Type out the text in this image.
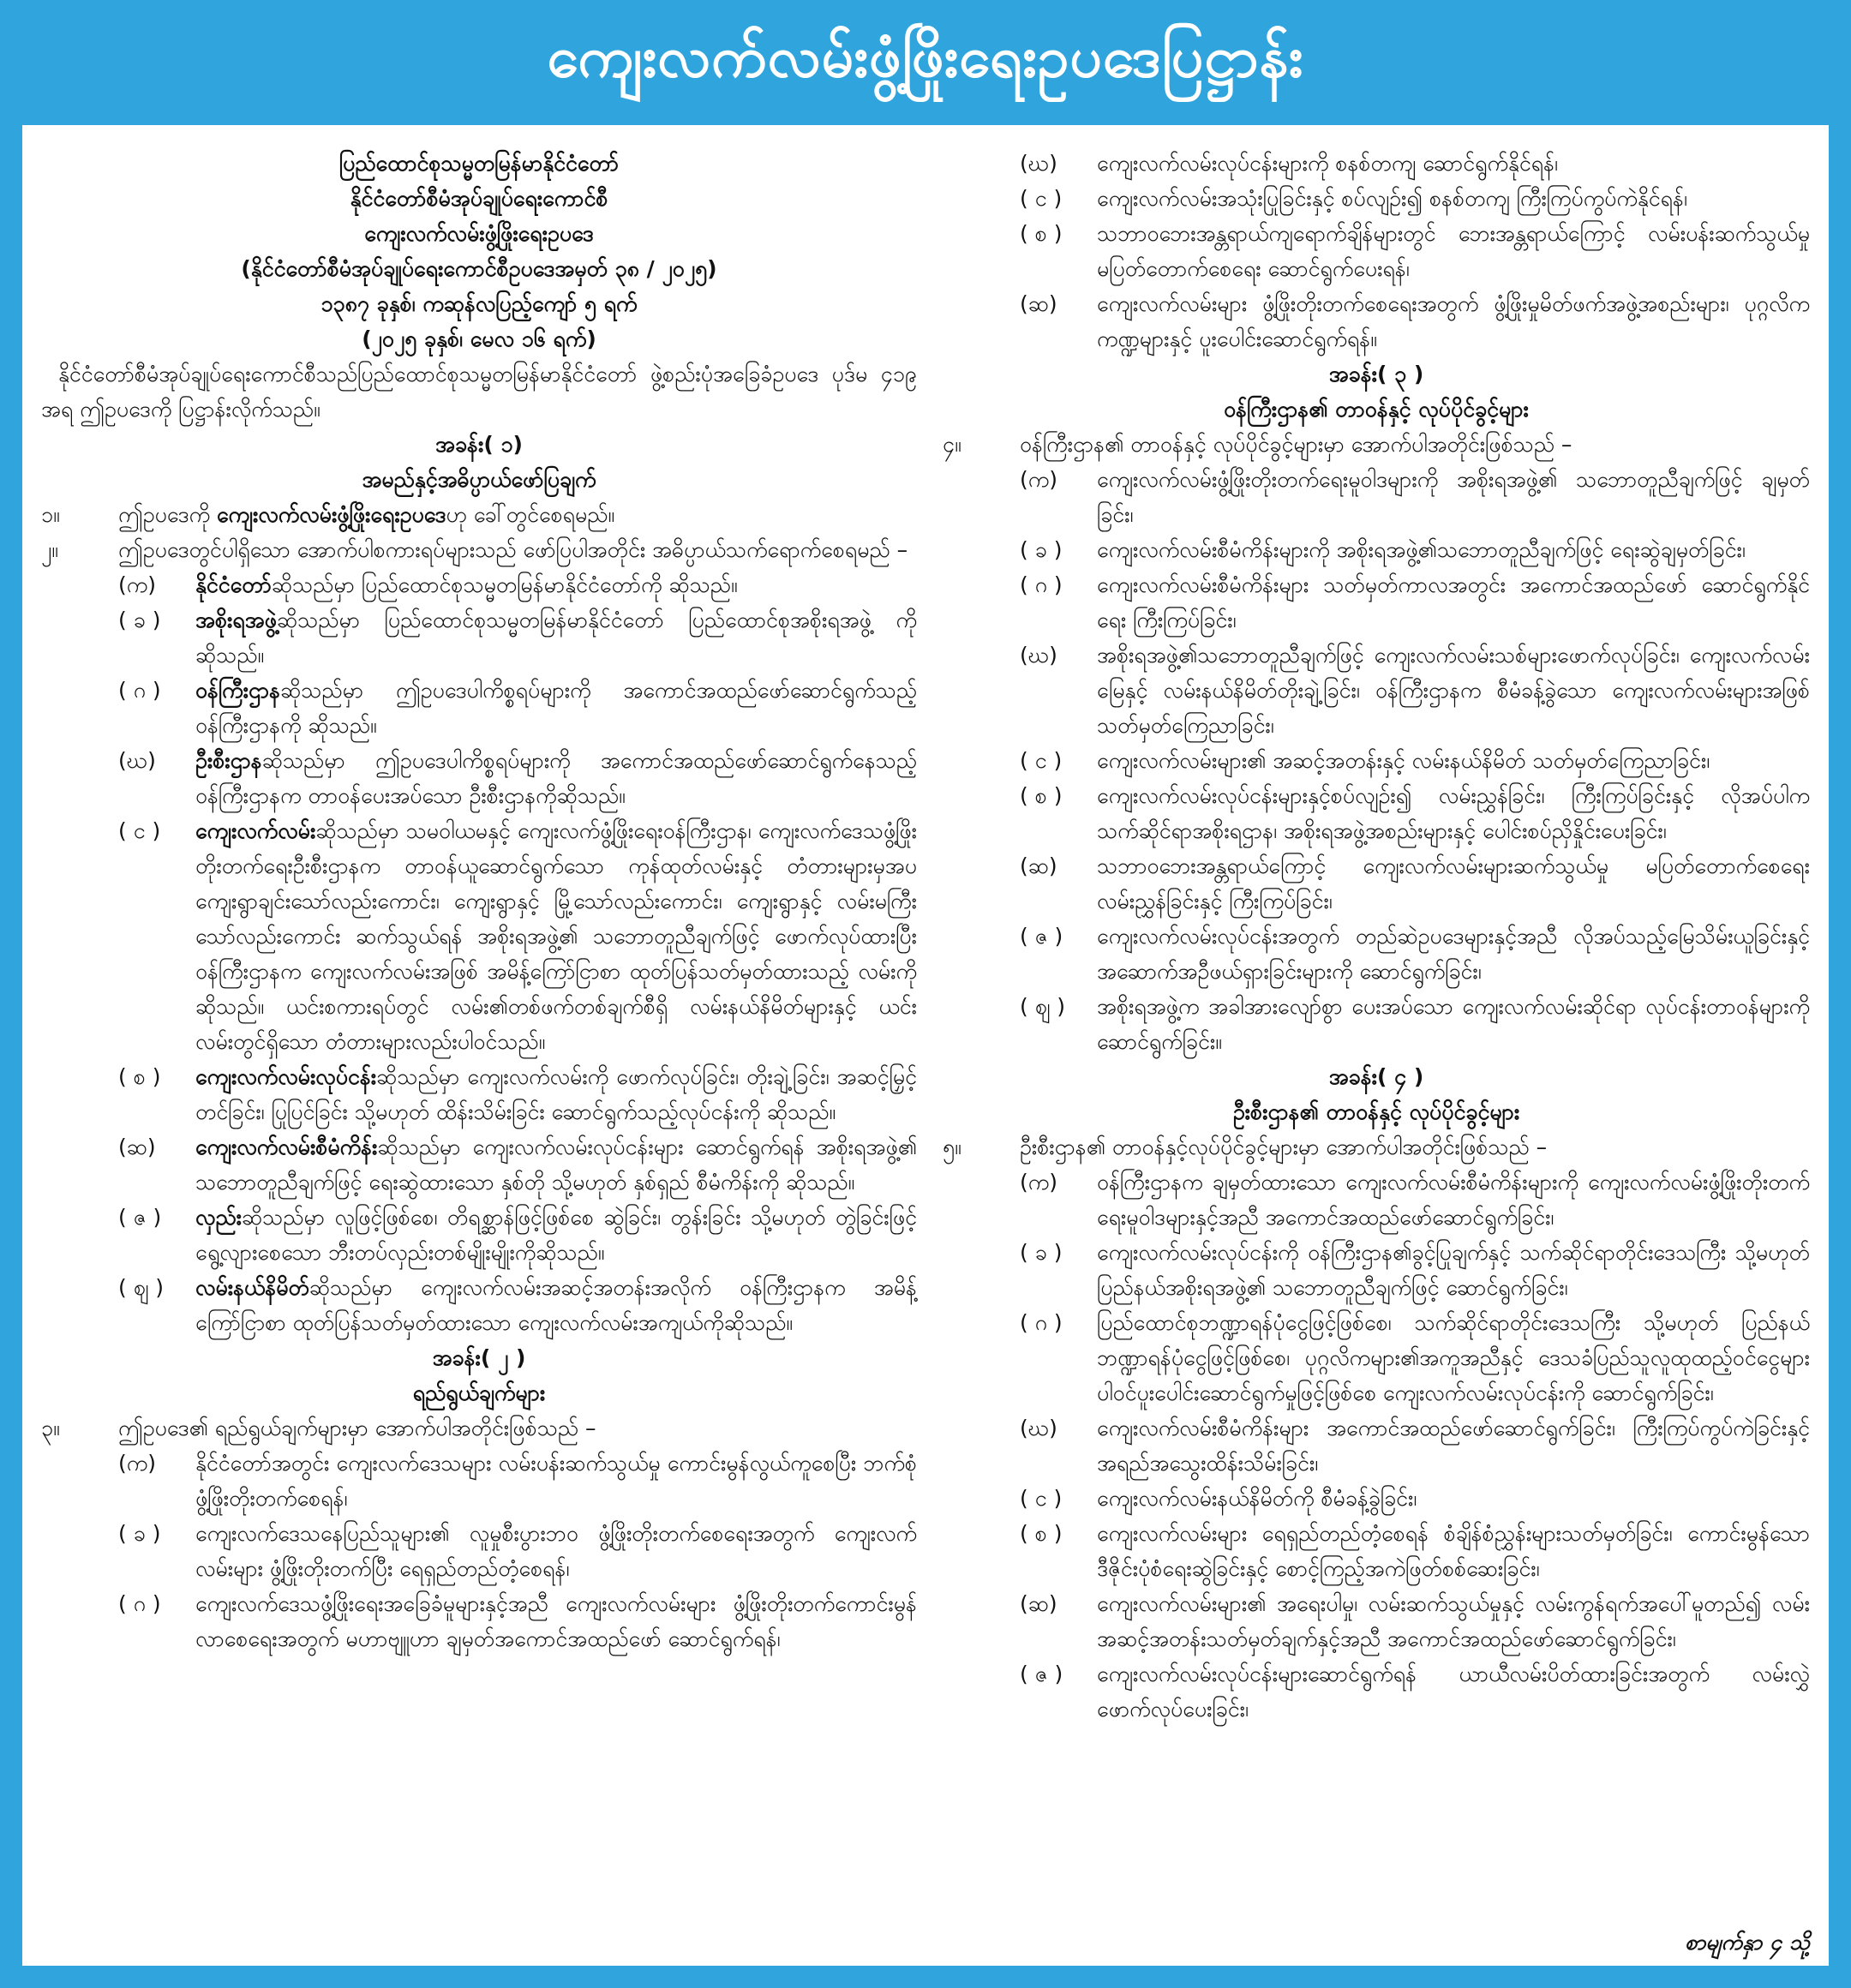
ကျေးလက်လမ်းဖွံ့ဖြိုးရေးဥပဒေပြဋ္ဌာန်း
ပြည်ထောင်စုသမ္မတမြန်မာနိုင်ငံတော်
နိုင်ငံတော်စီမံအုပ်ချုပ်ရေးကောင်စီ
ကျေးလက်လမ်းဖွံ့ဖြိုးရေးဥပဒေ
(နိုင်ငံတော်စီမံအုပ်ချုပ်ရေးကောင်စီဥပဒေအမှတ် ၃၈ / ၂၀၂၅)
၁၃၈၇ ခုနှစ်၊ ကဆုန်လပြည့်ကျော် ၅ ရက်
(၂၀၂၅ ခုနှစ်၊ မေလ ၁၆ ရက်)
နိုင်ငံတော်စီမံအုပ်ချုပ်ရေးကောင်စီသည်ပြည်ထောင်စုသမ္မတမြန်မာနိုင်ငံတော် ဖွဲ့စည်းပုံအခြေခံဥပဒေ ပုဒ်မ ၄၁၉ အရ ဤဥပဒေကို ပြဋ္ဌာန်းလိုက်သည်။
အခန်း( ၁)
အမည်နှင့်အဓိပ္ပာယ်ဖော်ပြချက်
၁။	ဤဥပဒေကို ကျေးလက်လမ်းဖွံ့ဖြိုးရေးဥပဒေဟု ခေါ်တွင်စေရမည်။
၂။	ဤဥပဒေတွင်ပါရှိသော အောက်ပါစကားရပ်များသည် ဖော်ပြပါအတိုင်း အဓိပ္ပာယ်သက်ရောက်စေရမည် –
(က)	နိုင်ငံတော်ဆိုသည်မှာ ပြည်ထောင်စုသမ္မတမြန်မာနိုင်ငံတော်ကို ဆိုသည်။
( ခ )	အစိုးရအဖွဲ့ဆိုသည်မှာ ပြည်ထောင်စုသမ္မတမြန်မာနိုင်ငံတော် ပြည်ထောင်စုအစိုးရအဖွဲ့ ကို ဆိုသည်။
( ဂ )	ဝန်ကြီးဌာနဆိုသည်မှာ ဤဥပဒေပါကိစ္စရပ်များကို အကောင်အထည်ဖော်ဆောင်ရွက်သည့် ဝန်ကြီးဌာနကို ဆိုသည်။
(ဃ)	ဦးစီးဌာနဆိုသည်မှာ ဤဥပဒေပါကိစ္စရပ်များကို အကောင်အထည်ဖော်ဆောင်ရွက်နေသည့် ဝန်ကြီးဌာနက တာဝန်ပေးအပ်သော ဦးစီးဌာနကိုဆိုသည်။
( င )	ကျေးလက်လမ်းဆိုသည်မှာ သမဝါယမနှင့် ကျေးလက်ဖွံ့ဖြိုးရေးဝန်ကြီးဌာန၊ ကျေးလက်ဒေသဖွံ့ဖြိုးတိုးတက်ရေးဦးစီးဌာနက တာဝန်ယူဆောင်ရွက်သော ကုန်ထုတ်လမ်းနှင့် တံတားများမှအပ ကျေးရွာချင်းသော်လည်းကောင်း၊ ကျေးရွာနှင့် မြို့သော်လည်းကောင်း၊ ကျေးရွာနှင့် လမ်းမကြီးသော်လည်းကောင်း ဆက်သွယ်ရန် အစိုးရအဖွဲ့၏ သဘောတူညီချက်ဖြင့် ဖောက်လုပ်ထားပြီး ဝန်ကြီးဌာနက ကျေးလက်လမ်းအဖြစ် အမိန့်ကြော်ငြာစာ ထုတ်ပြန်သတ်မှတ်ထားသည့် လမ်းကိုဆိုသည်။ ယင်းစကားရပ်တွင် လမ်း၏တစ်ဖက်တစ်ချက်စီရှိ လမ်းနယ်နိမိတ်များနှင့် ယင်းလမ်းတွင်ရှိသော တံတားများလည်းပါဝင်သည်။
( စ )	ကျေးလက်လမ်းလုပ်ငန်းဆိုသည်မှာ ကျေးလက်လမ်းကို ဖောက်လုပ်ခြင်း၊ တိုးချဲ့ခြင်း၊ အဆင့်မြှင့်တင်ခြင်း၊ ပြုပြင်ခြင်း သို့မဟုတ် ထိန်းသိမ်းခြင်း ဆောင်ရွက်သည့်လုပ်ငန်းကို ဆိုသည်။
(ဆ)	ကျေးလက်လမ်းစီမံကိန်းဆိုသည်မှာ ကျေးလက်လမ်းလုပ်ငန်းများ ဆောင်ရွက်ရန် အစိုးရအဖွဲ့၏ သဘောတူညီချက်ဖြင့် ရေးဆွဲထားသော နှစ်တို သို့မဟုတ် နှစ်ရှည် စီမံကိန်းကို ဆိုသည်။
( ဇ )	လှည်းဆိုသည်မှာ လူဖြင့်ဖြစ်စေ၊ တိရစ္ဆာန်ဖြင့်ဖြစ်စေ ဆွဲခြင်း၊ တွန်းခြင်း သို့မဟုတ် တွဲခြင်းဖြင့် ရွေ့လျားစေသော ဘီးတပ်လှည်းတစ်မျိုးမျိုးကိုဆိုသည်။
( ဈ )	လမ်းနယ်နိမိတ်ဆိုသည်မှာ ကျေးလက်လမ်းအဆင့်အတန်းအလိုက် ဝန်ကြီးဌာနက အမိန့်ကြော်ငြာစာ ထုတ်ပြန်သတ်မှတ်ထားသော ကျေးလက်လမ်းအကျယ်ကိုဆိုသည်။
အခန်း( ၂ )
ရည်ရွယ်ချက်များ
၃။	ဤဥပဒေ၏ ရည်ရွယ်ချက်များမှာ အောက်ပါအတိုင်းဖြစ်သည် –
(က)	နိုင်ငံတော်အတွင်း ကျေးလက်ဒေသများ လမ်းပန်းဆက်သွယ်မှု ကောင်းမွန်လွယ်ကူစေပြီး ဘက်စုံဖွံ့ဖြိုးတိုးတက်စေရန်၊
( ခ )	ကျေးလက်ဒေသနေပြည်သူများ၏ လူမှုစီးပွားဘဝ ဖွံ့ဖြိုးတိုးတက်စေရေးအတွက် ကျေးလက်လမ်းများ ဖွံ့ဖြိုးတိုးတက်ပြီး ရေရှည်တည်တံ့စေရန်၊
( ဂ )	ကျေးလက်ဒေသဖွံ့ဖြိုးရေးအခြေခံမူများနှင့်အညီ ကျေးလက်လမ်းများ ဖွံ့ဖြိုးတိုးတက်ကောင်းမွန်လာစေရေးအတွက် မဟာဗျူဟာ ချမှတ်အကောင်အထည်ဖော် ဆောင်ရွက်ရန်၊
(ဃ)	ကျေးလက်လမ်းလုပ်ငန်းများကို စနစ်တကျ ဆောင်ရွက်နိုင်ရန်၊
( င )	ကျေးလက်လမ်းအသုံးပြုခြင်းနှင့် စပ်လျဉ်း၍ စနစ်တကျ ကြီးကြပ်ကွပ်ကဲနိုင်ရန်၊
( စ )	သဘာဝဘေးအန္တရာယ်ကျရောက်ချိန်များတွင် ဘေးအန္တရာယ်ကြောင့် လမ်းပန်းဆက်သွယ်မှု မပြတ်တောက်စေရေး ဆောင်ရွက်ပေးရန်၊
(ဆ)	ကျေးလက်လမ်းများ ဖွံ့ဖြိုးတိုးတက်စေရေးအတွက် ဖွံ့ဖြိုးမှုမိတ်ဖက်အဖွဲ့အစည်းများ၊ ပုဂ္ဂလိကကဏ္ဍများနှင့် ပူးပေါင်းဆောင်ရွက်ရန်။
အခန်း( ၃ )
ဝန်ကြီးဌာန၏ တာဝန်နှင့် လုပ်ပိုင်ခွင့်များ
၄။	ဝန်ကြီးဌာန၏ တာဝန်နှင့် လုပ်ပိုင်ခွင့်များမှာ အောက်ပါအတိုင်းဖြစ်သည် –
(က)	ကျေးလက်လမ်းဖွံ့ဖြိုးတိုးတက်ရေးမူဝါဒများကို အစိုးရအဖွဲ့၏ သဘောတူညီချက်ဖြင့် ချမှတ်ခြင်း၊
( ခ )	ကျေးလက်လမ်းစီမံကိန်းများကို အစိုးရအဖွဲ့၏သဘောတူညီချက်ဖြင့် ရေးဆွဲချမှတ်ခြင်း၊
( ဂ )	ကျေးလက်လမ်းစီမံကိန်းများ သတ်မှတ်ကာလအတွင်း အကောင်အထည်ဖော် ဆောင်ရွက်နိုင်ရေး ကြီးကြပ်ခြင်း၊
(ဃ)	အစိုးရအဖွဲ့၏သဘောတူညီချက်ဖြင့် ကျေးလက်လမ်းသစ်များဖောက်လုပ်ခြင်း၊ ကျေးလက်လမ်းမြေနှင့် လမ်းနယ်နိမိတ်တိုးချဲ့ခြင်း၊ ဝန်ကြီးဌာနက စီမံခန့်ခွဲသော ကျေးလက်လမ်းများအဖြစ် သတ်မှတ်ကြေညာခြင်း၊
( င )	ကျေးလက်လမ်းများ၏ အဆင့်အတန်းနှင့် လမ်းနယ်နိမိတ် သတ်မှတ်ကြေညာခြင်း၊
( စ )	ကျေးလက်လမ်းလုပ်ငန်းများနှင့်စပ်လျဉ်း၍ လမ်းညွှန်ခြင်း၊ ကြီးကြပ်ခြင်းနှင့် လိုအပ်ပါက သက်ဆိုင်ရာအစိုးရဌာန၊ အစိုးရအဖွဲ့အစည်းများနှင့် ပေါင်းစပ်ညှိနှိုင်းပေးခြင်း၊
(ဆ)	သဘာဝဘေးအန္တရာယ်ကြောင့် ကျေးလက်လမ်းများဆက်သွယ်မှု မပြတ်တောက်စေရေး လမ်းညွှန်ခြင်းနှင့် ကြီးကြပ်ခြင်း၊
( ဇ )	ကျေးလက်လမ်းလုပ်ငန်းအတွက် တည်ဆဲဥပဒေများနှင့်အညီ လိုအပ်သည့်မြေသိမ်းယူခြင်းနှင့် အဆောက်အဦဖယ်ရှားခြင်းများကို ဆောင်ရွက်ခြင်း၊
( ဈ )	အစိုးရအဖွဲ့က အခါအားလျော်စွာ ပေးအပ်သော ကျေးလက်လမ်းဆိုင်ရာ လုပ်ငန်းတာဝန်များကို ဆောင်ရွက်ခြင်း။
အခန်း( ၄ )
ဦးစီးဌာန၏ တာဝန်နှင့် လုပ်ပိုင်ခွင့်များ
၅။	ဦးစီးဌာန၏ တာဝန်နှင့်လုပ်ပိုင်ခွင့်များမှာ အောက်ပါအတိုင်းဖြစ်သည် –
(က)	ဝန်ကြီးဌာနက ချမှတ်ထားသော ကျေးလက်လမ်းစီမံကိန်းများကို ကျေးလက်လမ်းဖွံ့ဖြိုးတိုးတက်ရေးမူဝါဒများနှင့်အညီ အကောင်အထည်ဖော်ဆောင်ရွက်ခြင်း၊
( ခ )	ကျေးလက်လမ်းလုပ်ငန်းကို ဝန်ကြီးဌာန၏ခွင့်ပြုချက်နှင့် သက်ဆိုင်ရာတိုင်းဒေသကြီး သို့မဟုတ် ပြည်နယ်အစိုးရအဖွဲ့၏ သဘောတူညီချက်ဖြင့် ဆောင်ရွက်ခြင်း၊
( ဂ )	ပြည်ထောင်စုဘဏ္ဍာရန်ပုံငွေဖြင့်ဖြစ်စေ၊ သက်ဆိုင်ရာတိုင်းဒေသကြီး သို့မဟုတ် ပြည်နယ်ဘဏ္ဍာရန်ပုံငွေဖြင့်ဖြစ်စေ၊ ပုဂ္ဂလိကများ၏အကူအညီနှင့် ဒေသခံပြည်သူလူထုထည့်ဝင်ငွေများပါဝင်ပူးပေါင်းဆောင်ရွက်မှုဖြင့်ဖြစ်စေ ကျေးလက်လမ်းလုပ်ငန်းကို ဆောင်ရွက်ခြင်း၊
(ဃ)	ကျေးလက်လမ်းစီမံကိန်းများ အကောင်အထည်ဖော်ဆောင်ရွက်ခြင်း၊ ကြီးကြပ်ကွပ်ကဲခြင်းနှင့် အရည်အသွေးထိန်းသိမ်းခြင်း၊
( င )	ကျေးလက်လမ်းနယ်နိမိတ်ကို စီမံခန့်ခွဲခြင်း၊
( စ )	ကျေးလက်လမ်းများ ရေရှည်တည်တံ့စေရန် စံချိန်စံညွှန်းများသတ်မှတ်ခြင်း၊ ကောင်းမွန်သော ဒီဇိုင်းပုံစံရေးဆွဲခြင်းနှင့် စောင့်ကြည့်အကဲဖြတ်စစ်ဆေးခြင်း၊
(ဆ)	ကျေးလက်လမ်းများ၏ အရေးပါမှု၊ လမ်းဆက်သွယ်မှုနှင့် လမ်းကွန်ရက်အပေါ်မူတည်၍ လမ်းအဆင့်အတန်းသတ်မှတ်ချက်နှင့်အညီ အကောင်အထည်ဖော်ဆောင်ရွက်ခြင်း၊
( ဇ )	ကျေးလက်လမ်းလုပ်ငန်းများဆောင်ရွက်ရန် ယာယီလမ်းပိတ်ထားခြင်းအတွက် လမ်းလွှဲဖောက်လုပ်ပေးခြင်း၊
စာမျက်နှာ ၄ သို့
